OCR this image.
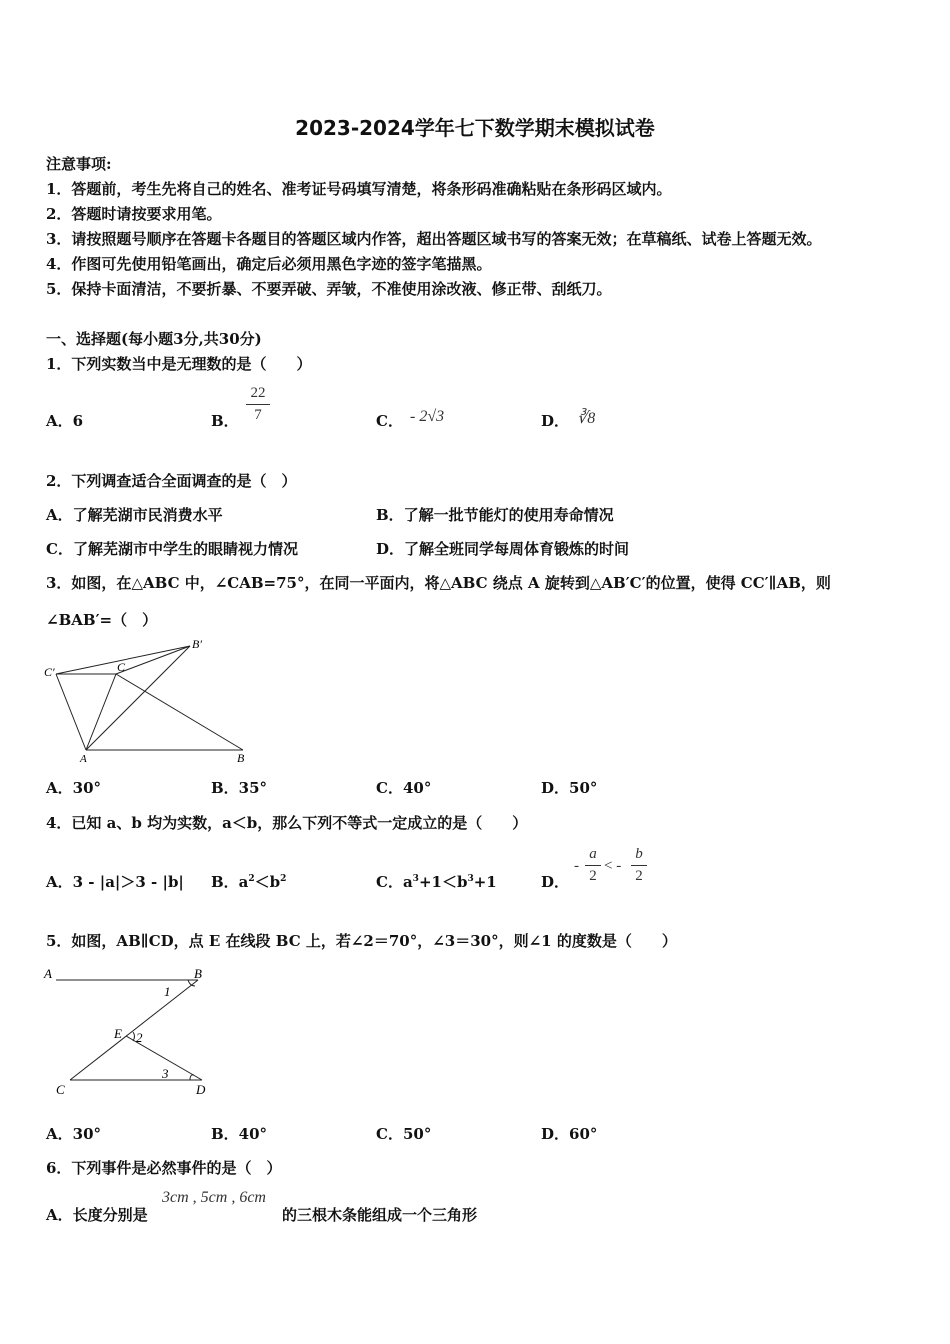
2023-2024学年七下数学期末模拟试卷
注意事项:
1．答题前，考生先将自己的姓名、准考证号码填写清楚，将条形码准确粘贴在条形码区域内。
2．答题时请按要求用笔。
3．请按照题号顺序在答题卡各题目的答题区域内作答，超出答题区域书写的答案无效；在草稿纸、试卷上答题无效。
4．作图可先使用铅笔画出，确定后必须用黑色字迹的签字笔描黑。
5．保持卡面清洁，不要折暴、不要弄破、弄皱，不准使用涂改液、修正带、刮纸刀。
一、选择题(每小题3分,共30分)
1．下列实数当中是无理数的是（　　）
A．6	B．
22
7	C． - 2√3	D． ∛8
2．下列调查适合全面调查的是（　）
A．了解芜湖市民消费水平	B．了解一批节能灯的使用寿命情况
C．了解芜湖市中学生的眼睛视力情况	D．了解全班同学每周体育锻炼的时间
3．如图，在△ABC 中，∠CAB=75°，在同一平面内，将△ABC 绕点 A 旋转到△AB′C′的位置，使得 CC′∥AB，则
∠BAB′=（　）
C′	C
B′
A	B
A．30°	B．35°	C．40°	D．50°
4．已知 a、b 均为实数，a＜b，那么下列不等式一定成立的是（　　）
A．3 - |a|＞3 - |b| B．$a^2<b^2$	C．$a^3+1<b^3+1$	D．
-
a
2
< -
b
2
5．如图，AB∥CD，点 E 在线段 BC 上，若∠2＝70°，∠3＝30°，则∠1 的度数是（　　）
A	B
1
E 2
C
3
D
A．30°	B．40°	C．50°	D．60°
6．下列事件是必然事件的是（　）
A．长度分别是
3cm , 5cm , 6cm
的三根木条能组成一个三角形
